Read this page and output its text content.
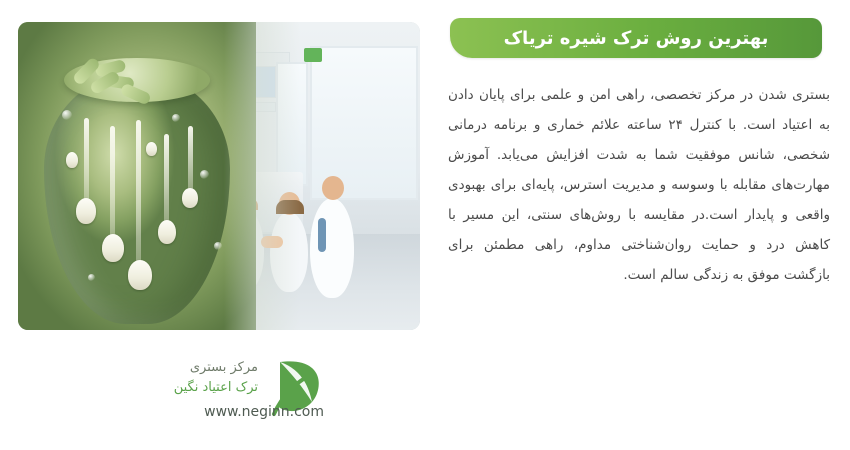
مرکز بستری
ترک اعتیاد نگین
www.neginn.com
بهترین روش ترک شیره تریاک
بستری شدن در مرکز تخصصی، راهی امن و علمی برای پایان دادن به اعتیاد است. با کنترل ۲۴ ساعته علائم خماری و برنامه درمانی شخصی، شانس موفقیت شما به شدت افزایش می‌یابد. آموزش مهارت‌های مقابله با وسوسه و مدیریت استرس، پایه‌ای برای بهبودی واقعی و پایدار است.در مقایسه با روش‌های سنتی، این مسیر با کاهش درد و حمایت روان‌شناختی مداوم، راهی مطمئن برای بازگشت موفق به زندگی سالم است.
